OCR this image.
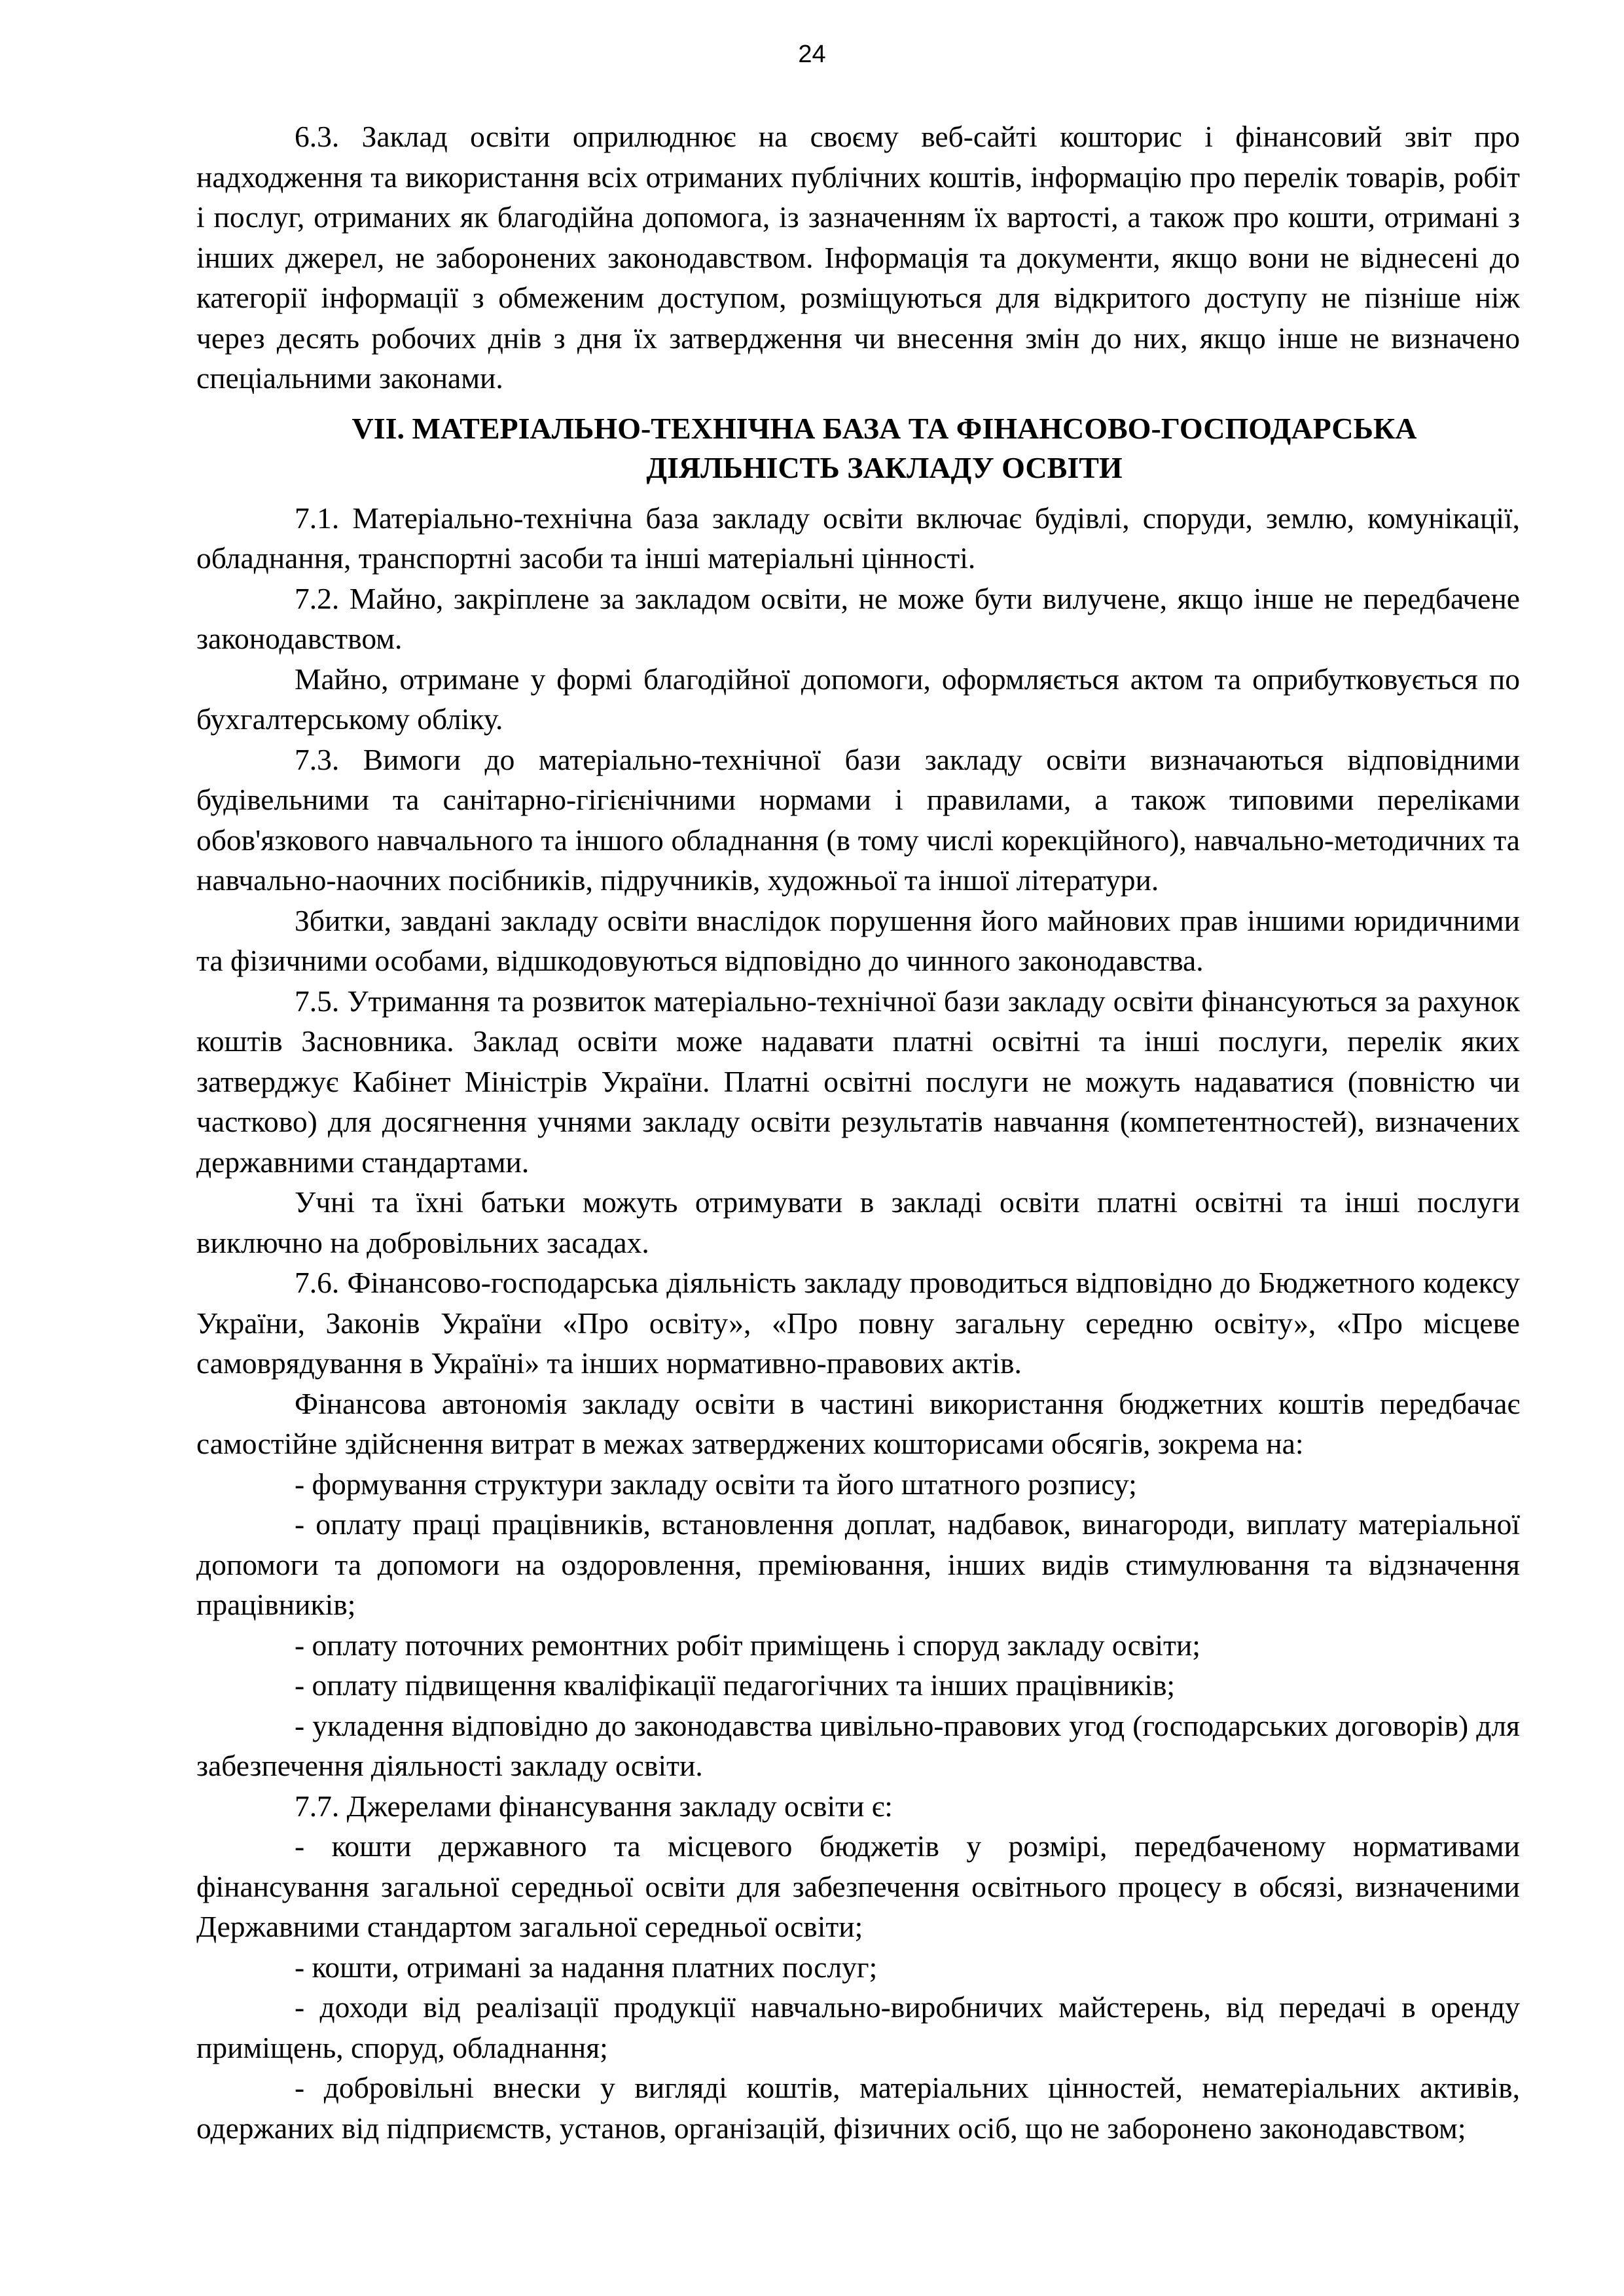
24

6.3. Заклад освіти оприлюднює на своєму веб-сайті кошторис і фінансовий звіт про надходження та використання всіх отриманих публічних коштів, інформацію про перелік товарів, робіт і послуг, отриманих як благодійна допомога, із зазначенням їх вартості, а також про кошти, отримані з інших джерел, не заборонених законодавством. Інформація та документи, якщо вони не віднесені до категорії інформації з обмеженим доступом, розміщуються для відкритого доступу не пізніше ніж через десять робочих днів з дня їх затвердження чи внесення змін до них, якщо інше не визначено спеціальними законами.

VII. МАТЕРІАЛЬНО-ТЕХНІЧНА БАЗА ТА ФІНАНСОВО-ГОСПОДАРСЬКА
ДІЯЛЬНІСТЬ ЗАКЛАДУ ОСВІТИ

7.1. Матеріально-технічна база закладу освіти включає будівлі, споруди, землю, комунікації, обладнання, транспортні засоби та інші матеріальні цінності.

7.2. Майно, закріплене за закладом освіти, не може бути вилучене, якщо інше не передбачене законодавством.

Майно, отримане у формі благодійної допомоги, оформляється актом та оприбутковується по бухгалтерському обліку.

7.3. Вимоги до матеріально-технічної бази закладу освіти визначаються відповідними будівельними та санітарно-гігієнічними нормами і правилами, а також типовими переліками обов'язкового навчального та іншого обладнання (в тому числі корекційного), навчально-методичних та навчально-наочних посібників, підручників, художньої та іншої літератури.

Збитки, завдані закладу освіти внаслідок порушення його майнових прав іншими юридичними та фізичними особами, відшкодовуються відповідно до чинного законодавства.

7.5. Утримання та розвиток матеріально-технічної бази закладу освіти фінансуються за рахунок коштів Засновника. Заклад освіти може надавати платні освітні та інші послуги, перелік яких затверджує Кабінет Міністрів України. Платні освітні послуги не можуть надаватися (повністю чи частково) для досягнення учнями закладу освіти результатів навчання (компетентностей), визначених державними стандартами.

Учні та їхні батьки можуть отримувати в закладі освіти платні освітні та інші послуги виключно на добровільних засадах.

7.6. Фінансово-господарська діяльність закладу проводиться відповідно до Бюджетного кодексу України, Законів України «Про освіту», «Про повну загальну середню освіту», «Про місцеве самоврядування в Україні» та інших нормативно-правових актів.

Фінансова автономія закладу освіти в частині використання бюджетних коштів передбачає самостійне здійснення витрат в межах затверджених кошторисами обсягів, зокрема на:

- формування структури закладу освіти та його штатного розпису;

- оплату праці працівників, встановлення доплат, надбавок, винагороди, виплату матеріальної допомоги та допомоги на оздоровлення, преміювання, інших видів стимулювання та відзначення працівників;

- оплату поточних ремонтних робіт приміщень і споруд закладу освіти;

- оплату підвищення кваліфікації педагогічних та інших працівників;

- укладення відповідно до законодавства цивільно-правових угод (господарських договорів) для забезпечення діяльності закладу освіти.

7.7. Джерелами фінансування закладу освіти є:

- кошти державного та місцевого бюджетів у розмірі, передбаченому нормативами фінансування загальної середньої освіти для забезпечення освітнього процесу в обсязі, визначеними Державними стандартом загальної середньої освіти;

- кошти, отримані за надання платних послуг;

- доходи від реалізації продукції навчально-виробничих майстерень, від передачі в оренду приміщень, споруд, обладнання;

- добровільні внески у вигляді коштів, матеріальних цінностей, нематеріальних активів, одержаних від підприємств, установ, організацій, фізичних осіб, що не заборонено законодавством;
